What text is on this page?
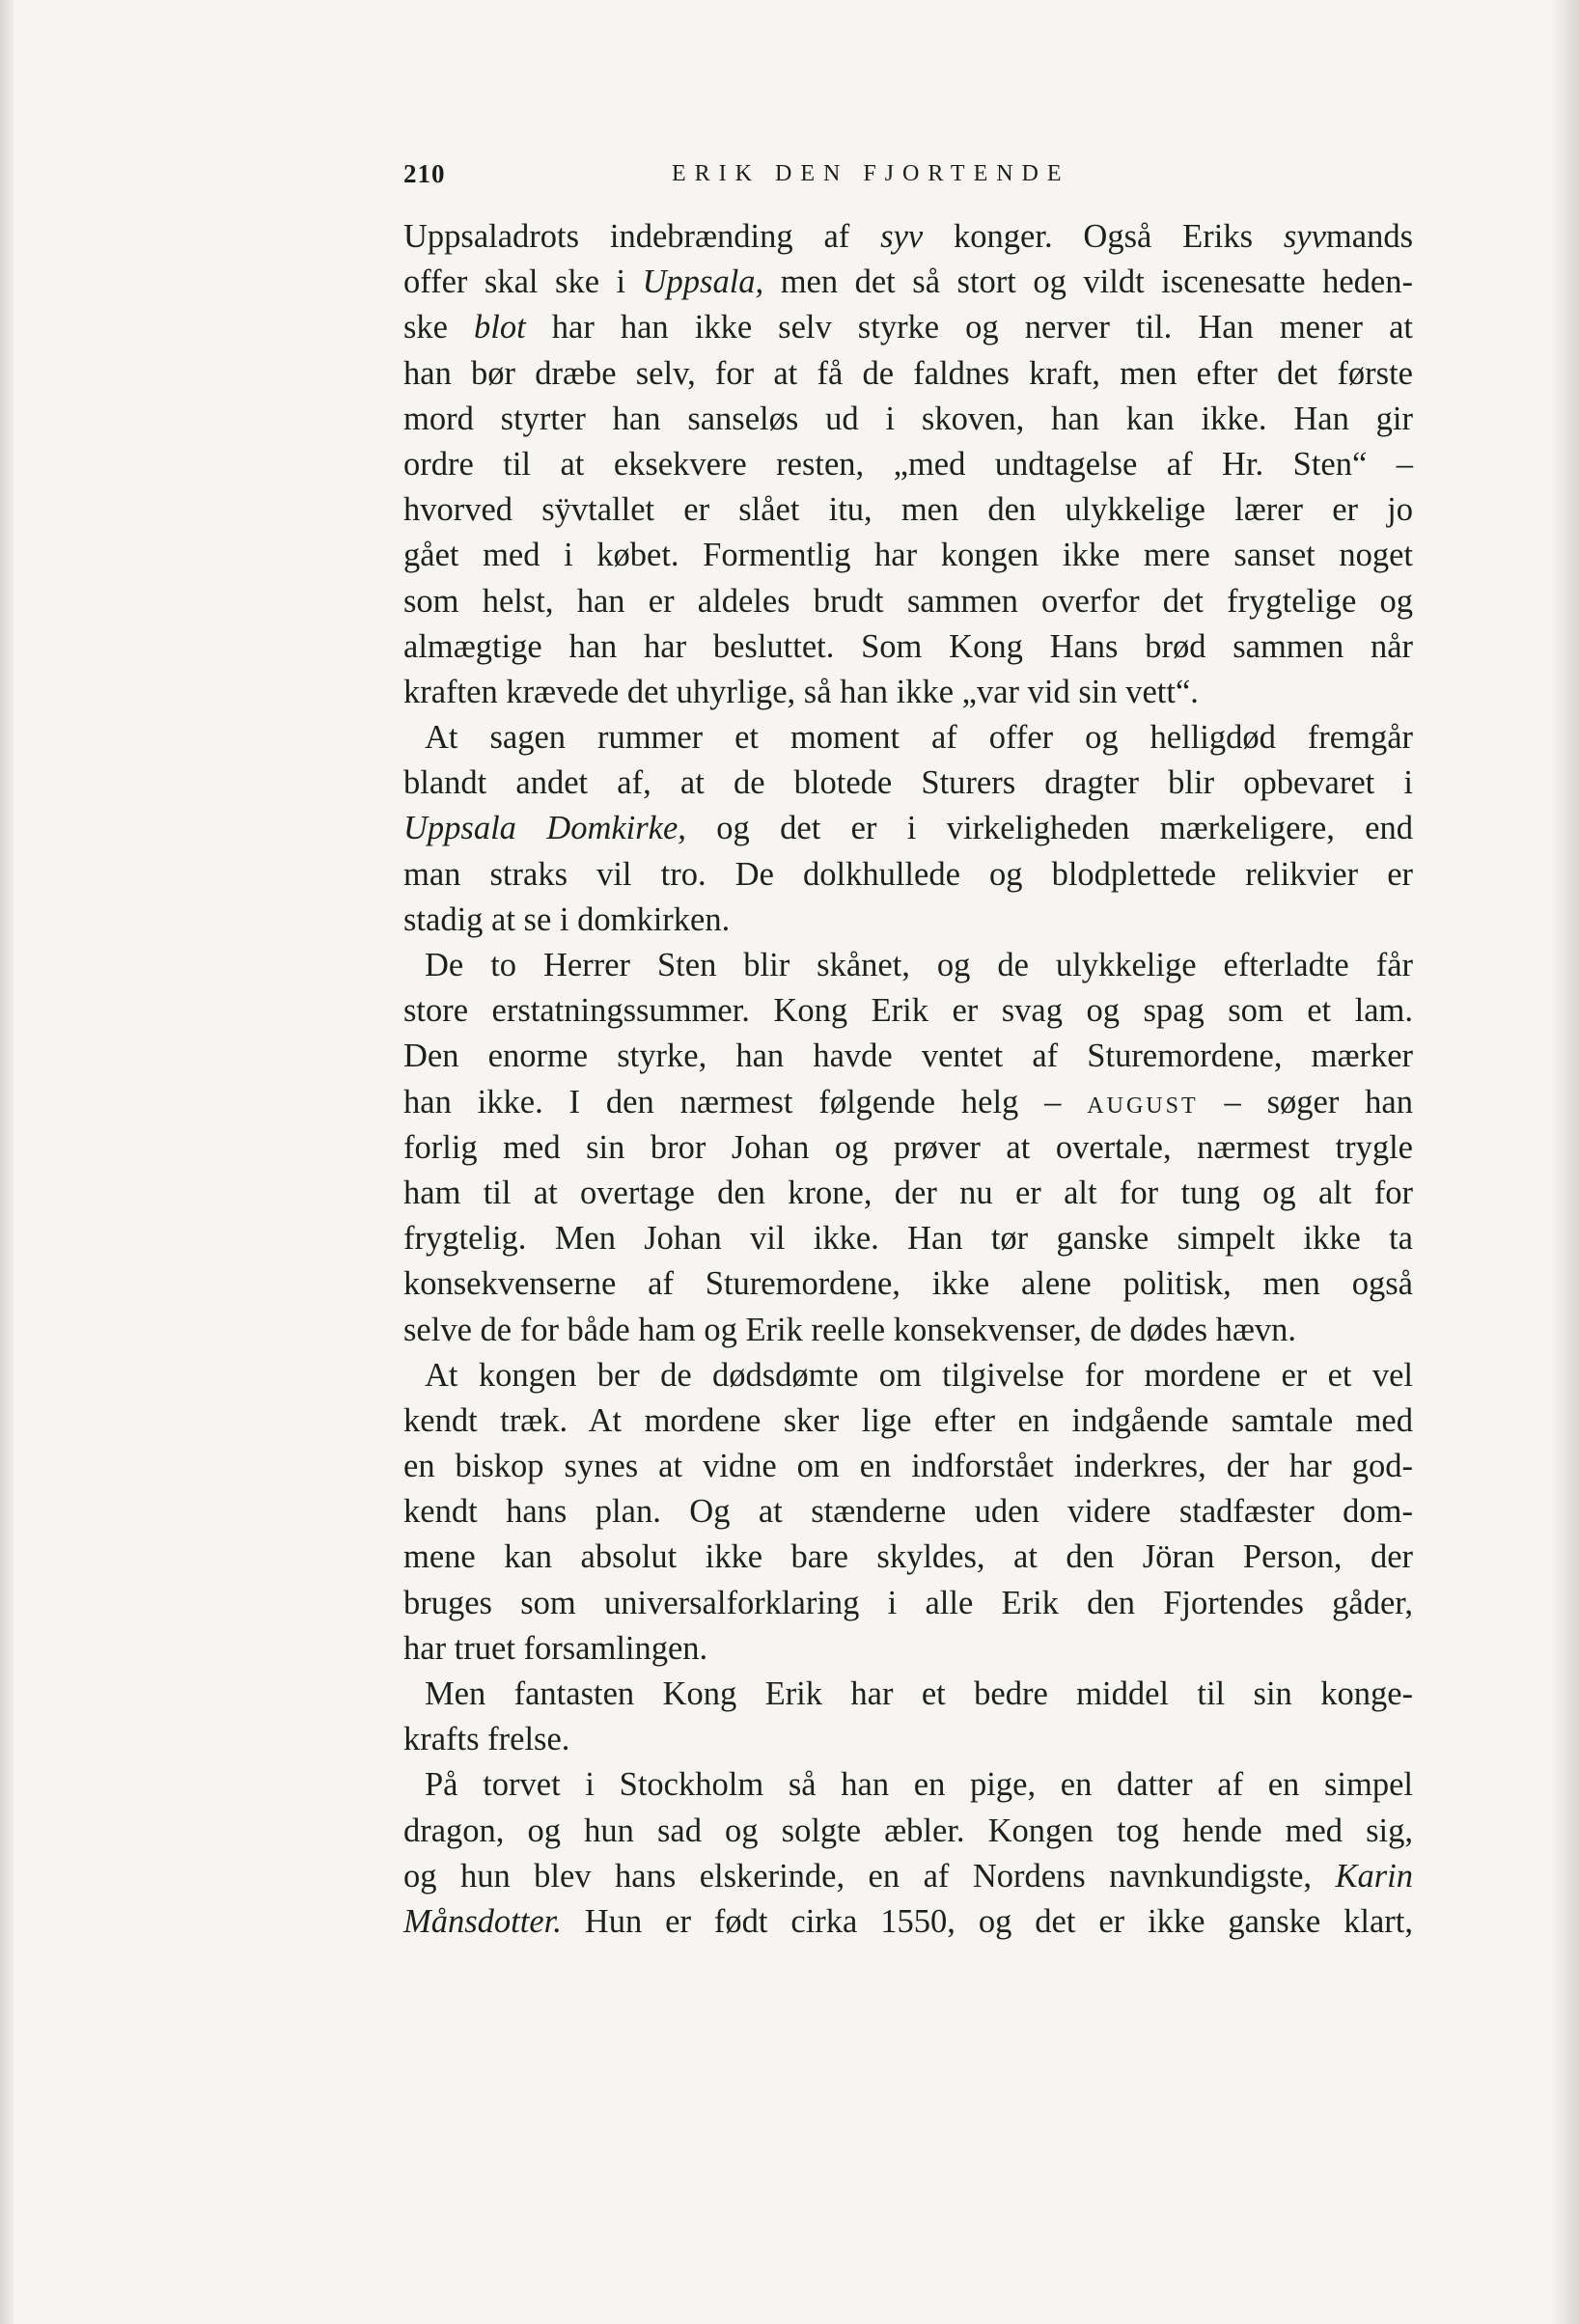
210	ERIK DEN FJORTENDE
Uppsaladrots indebrænding af syv konger. Også Eriks syvmands
offer skal ske i Uppsala, men det så stort og vildt iscenesatte heden-
ske blot har han ikke selv styrke og nerver til. Han mener at
han bør dræbe selv, for at få de faldnes kraft, men efter det første
mord styrter han sanseløs ud i skoven, han kan ikke. Han gir
ordre til at eksekvere resten, „med undtagelse af Hr. Sten“ –
hvorved sÿvtallet er slået itu, men den ulykkelige lærer er jo
gået med i købet. Formentlig har kongen ikke mere sanset noget
som helst, han er aldeles brudt sammen overfor det frygtelige og
almægtige han har besluttet. Som Kong Hans brød sammen når
kraften krævede det uhyrlige, så han ikke „var vid sin vett“.
At sagen rummer et moment af offer og helligdød fremgår
blandt andet af, at de blotede Sturers dragter blir opbevaret i
Uppsala Domkirke, og det er i virkeligheden mærkeligere, end
man straks vil tro. De dolkhullede og blodplettede relikvier er
stadig at se i domkirken.
De to Herrer Sten blir skånet, og de ulykkelige efterladte får
store erstatningssummer. Kong Erik er svag og spag som et lam.
Den enorme styrke, han havde ventet af Sturemordene, mærker
han ikke. I den nærmest følgende helg – AUGUST – søger han
forlig med sin bror Johan og prøver at overtale, nærmest trygle
ham til at overtage den krone, der nu er alt for tung og alt for
frygtelig. Men Johan vil ikke. Han tør ganske simpelt ikke ta
konsekvenserne af Sturemordene, ikke alene politisk, men også
selve de for både ham og Erik reelle konsekvenser, de dødes hævn.
At kongen ber de dødsdømte om tilgivelse for mordene er et vel
kendt træk. At mordene sker lige efter en indgående samtale med
en biskop synes at vidne om en indforstået inderkres, der har god-
kendt hans plan. Og at stænderne uden videre stadfæster dom-
mene kan absolut ikke bare skyldes, at den Jöran Person, der
bruges som universalforklaring i alle Erik den Fjortendes gåder,
har truet forsamlingen.
Men fantasten Kong Erik har et bedre middel til sin konge-
krafts frelse.
På torvet i Stockholm så han en pige, en datter af en simpel
dragon, og hun sad og solgte æbler. Kongen tog hende med sig,
og hun blev hans elskerinde, en af Nordens navnkundigste, Karin
Månsdotter. Hun er født cirka 1550, og det er ikke ganske klart,
